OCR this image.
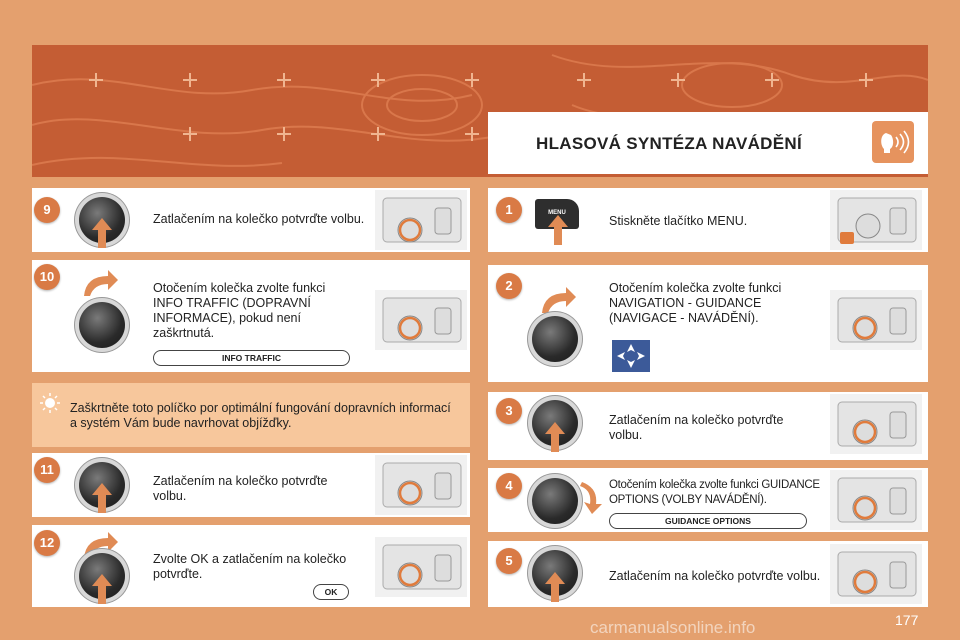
HLASOVÁ SYNTÉZA NAVÁDĚNÍ
9
Zatlačením na kolečko potvrďte volbu.
10
Otočením kolečka zvolte funkci INFO TRAFFIC (DOPRAVNÍ INFORMACE), pokud není zaškrtnutá.
INFO TRAFFIC
Zaškrtněte toto políčko por optimální fungování dopravních informací a systém Vám bude navrhovat objížďky.
11
Zatlačením na kolečko potvrďte volbu.
12
Zvolte OK a zatlačením na kolečko potvrďte.
OK
1	MENU
Stiskněte tlačítko MENU.
2	Otočením kolečka zvolte funkci NAVIGATION - GUIDANCE (NAVIGACE - NAVÁDĚNÍ).
3
Zatlačením na kolečko potvrďte volbu.
4	Otočením kolečka zvolte funkci GUIDANCE OPTIONS (VOLBY NAVÁDĚNÍ).
GUIDANCE OPTIONS
5
Zatlačením na kolečko potvrďte volbu.
carmanualsonline.info	177
